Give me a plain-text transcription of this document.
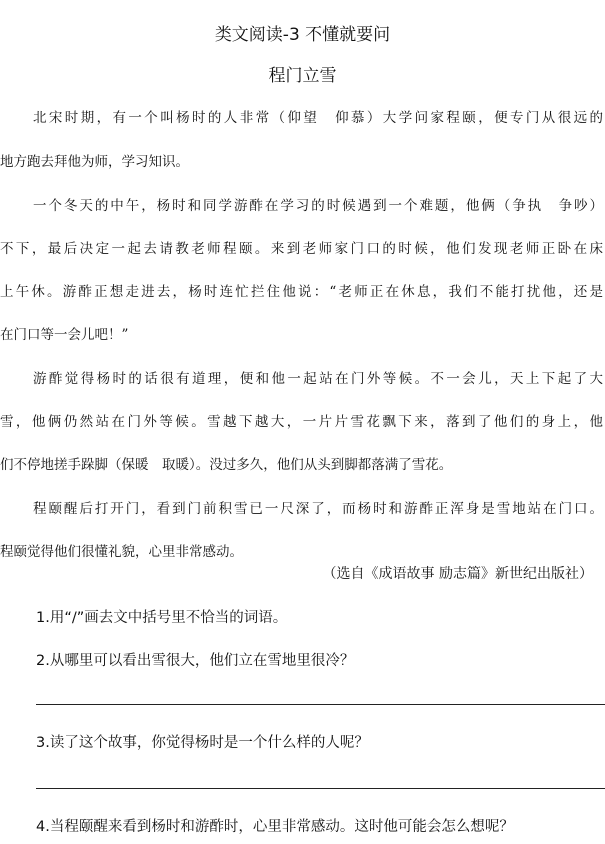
类文阅读-3 不懂就要问
程门立雪
北宋时期，有一个叫杨时的人非常（仰望　仰慕）大学问家程颐，便专门从很远的
地方跑去拜他为师，学习知识。
一个冬天的中午，杨时和同学游酢在学习的时候遇到一个难题，他俩（争执　争吵）
不下，最后决定一起去请教老师程颐。来到老师家门口的时候，他们发现老师正卧在床
上午休。游酢正想走进去，杨时连忙拦住他说：“老师正在休息，我们不能打扰他，还是
在门口等一会儿吧！”
游酢觉得杨时的话很有道理，便和他一起站在门外等候。不一会儿，天上下起了大
雪，他俩仍然站在门外等候。雪越下越大，一片片雪花飘下来，落到了他们的身上，他
们不停地搓手跺脚（保暖　取暖）。没过多久，他们从头到脚都落满了雪花。
程颐醒后打开门，看到门前积雪已一尺深了，而杨时和游酢正浑身是雪地站在门口。
程颐觉得他们很懂礼貌，心里非常感动。
（选自《成语故事 励志篇》新世纪出版社）
1.用“/”画去文中括号里不恰当的词语。
2.从哪里可以看出雪很大，他们立在雪地里很冷？
3.读了这个故事，你觉得杨时是一个什么样的人呢？
4.当程颐醒来看到杨时和游酢时，心里非常感动。这时他可能会怎么想呢？
